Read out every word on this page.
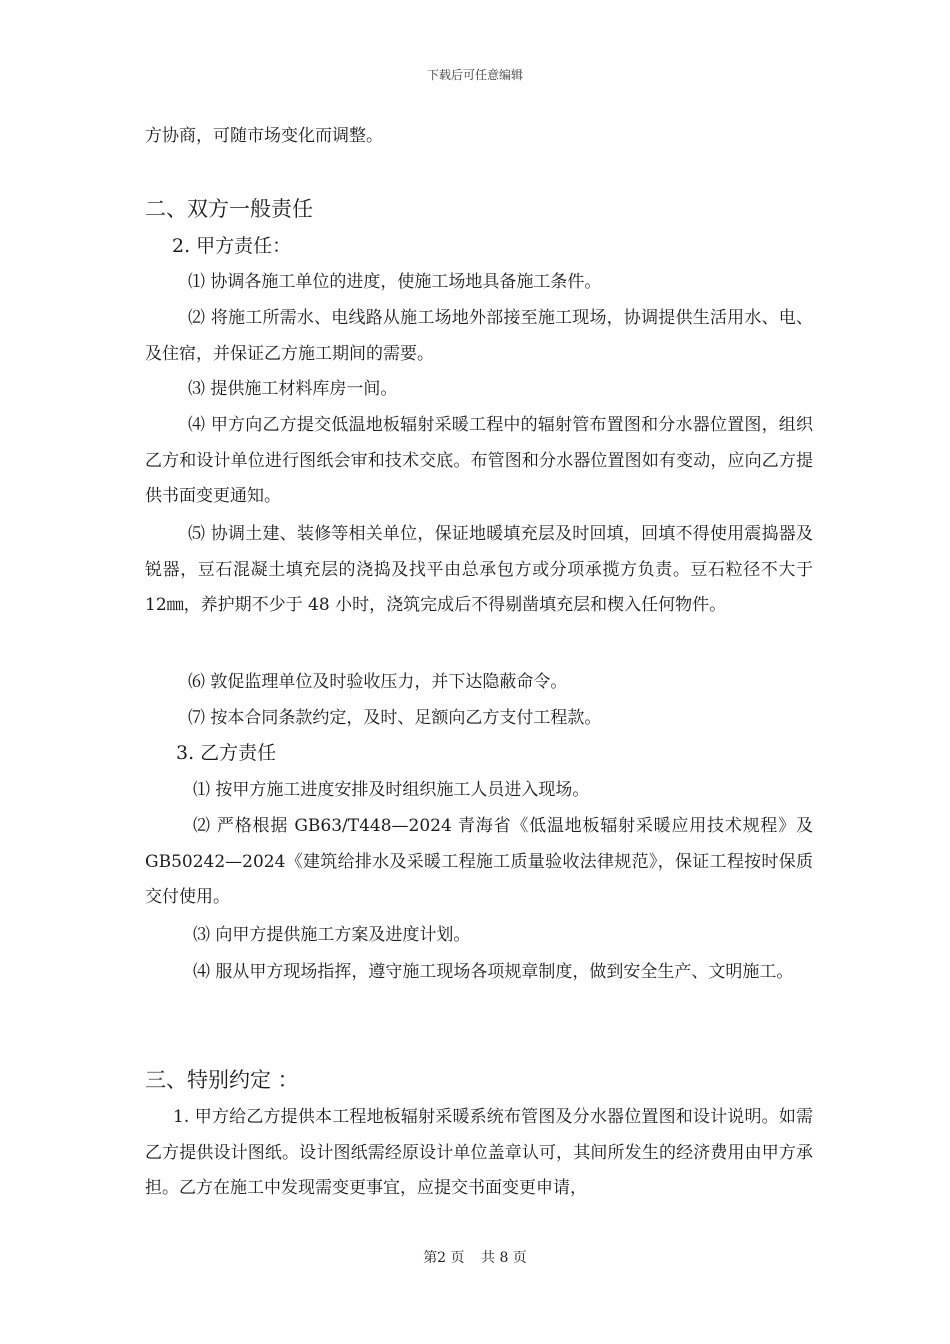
下载后可任意编辑
方协商，可随市场变化而调整。
二、双方一般责任
2. 甲方责任：
⑴ 协调各施工单位的进度，使施工场地具备施工条件。
⑵ 将施工所需水、电线路从施工场地外部接至施工现场，协调提供生活用水、电、及住宿，并保证乙方施工期间的需要。
⑶ 提供施工材料库房一间。
⑷ 甲方向乙方提交低温地板辐射采暖工程中的辐射管布置图和分水器位置图，组织乙方和设计单位进行图纸会审和技术交底。布管图和分水器位置图如有变动，应向乙方提供书面变更通知。
⑸ 协调土建、装修等相关单位，保证地暖填充层及时回填，回填不得使用震捣器及锐器，豆石混凝土填充层的浇捣及找平由总承包方或分项承揽方负责。豆石粒径不大于 12㎜，养护期不少于 48 小时，浇筑完成后不得剔凿填充层和楔入任何物件。
⑹ 敦促监理单位及时验收压力，并下达隐蔽命令。
⑺ 按本合同条款约定，及时、足额向乙方支付工程款。
3. 乙方责任
⑴ 按甲方施工进度安排及时组织施工人员进入现场。
⑵ 严格根据 GB63/T448—2024 青海省《低温地板辐射采暖应用技术规程》及 GB50242—2024《建筑给排水及采暖工程施工质量验收法律规范》，保证工程按时保质交付使用。
⑶ 向甲方提供施工方案及进度计划。
⑷ 服从甲方现场指挥，遵守施工现场各项规章制度，做到安全生产、文明施工。
三、特别约定 ：
1. 甲方给乙方提供本工程地板辐射采暖系统布管图及分水器位置图和设计说明。如需乙方提供设计图纸。设计图纸需经原设计单位盖章认可，其间所发生的经济费用由甲方承担。乙方在施工中发现需变更事宜，应提交书面变更申请，
第2 页 共 8 页
